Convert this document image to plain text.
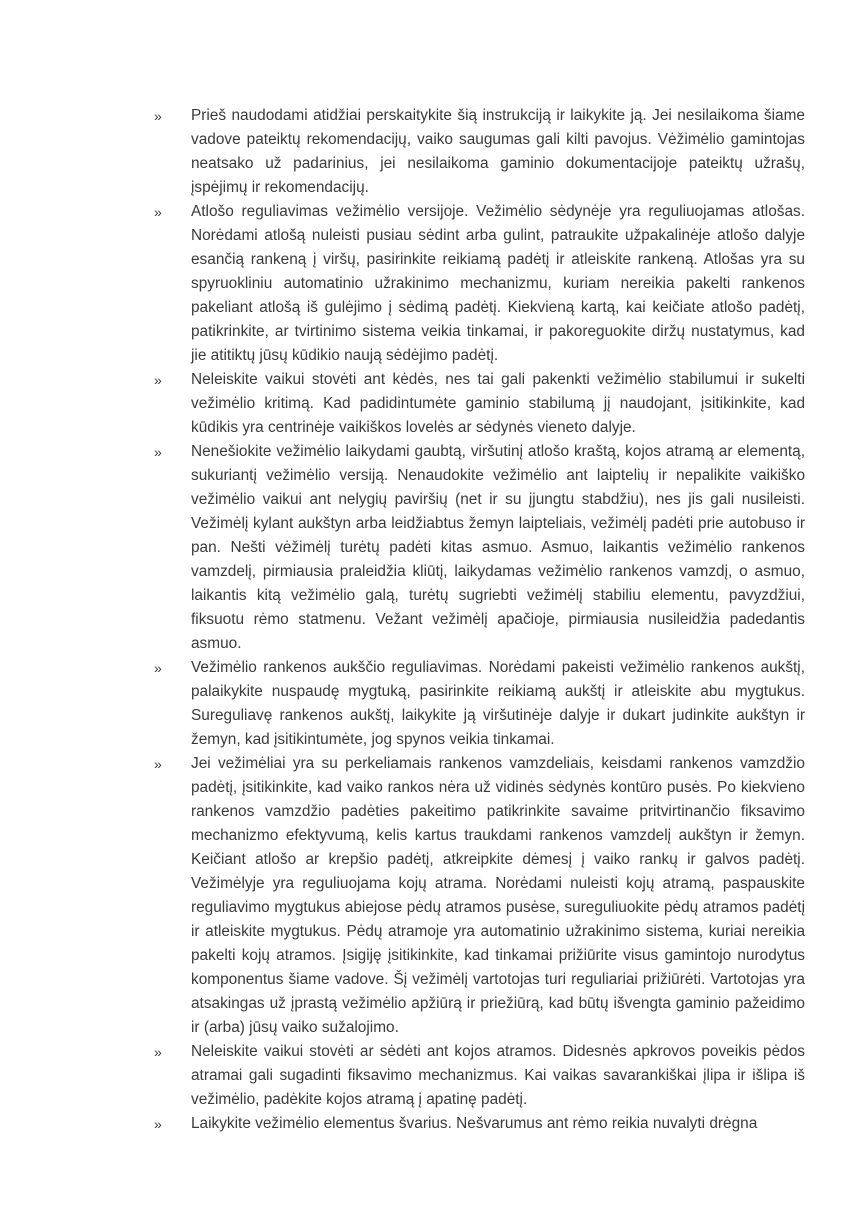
» Prieš naudodami atidžiai perskaitykite šią instrukciją ir laikykite ją. Jei nesilaikoma šiame vadove pateiktų rekomendacijų, vaiko saugumas gali kilti pavojus. Vėžimėlio gamintojas neatsako už padarinius, jei nesilaikoma gaminio dokumentacijoje pateiktų užrašų, įspėjimų ir rekomendacijų.
» Atlošo reguliavimas vežimėlio versijoje. Vežimėlio sėdynėje yra reguliuojamas atlošas. Norėdami atlošą nuleisti pusiau sėdint arba gulint, patraukite užpakalinėje atlošo dalyje esančią rankeną į viršų, pasirinkite reikiamą padėtį ir atleiskite rankeną. Atlošas yra su spyruokliniu automatinio užrakinimo mechanizmu, kuriam nereikia pakelti rankenos pakeliant atlošą iš gulėjimo į sėdimą padėtį. Kiekvieną kartą, kai keičiate atlošo padėtį, patikrinkite, ar tvirtinimo sistema veikia tinkamai, ir pakoreguokite diržų nustatymus, kad jie atitiktų jūsų kūdikio naują sėdėjimo padėtį.
» Neleiskite vaikui stovėti ant kėdės, nes tai gali pakenkti vežimėlio stabilumui ir sukelti vežimėlio kritimą. Kad padidintumėte gaminio stabilumą jį naudojant, įsitikinkite, kad kūdikis yra centrinėje vaikiškos lovelės ar sėdynės vieneto dalyje.
» Nenešiokite vežimėlio laikydami gaubtą, viršutinį atlošo kraštą, kojos atramą ar elementą, sukuriantį vežimėlio versiją. Nenaudokite vežimėlio ant laiptelių ir nepalikite vaikiško vežimėlio vaikui ant nelygių paviršių (net ir su įjungtu stabdžiu), nes jis gali nusileisti. Vežimėlį kylant aukštyn arba leidžiabtus žemyn laipteliais, vežimėlį padėti prie autobuso ir pan. Nešti vėžimėlį turėtų padėti kitas asmuo. Asmuo, laikantis vežimėlio rankenos vamzdelį, pirmiausia praleidžia kliūtį, laikydamas vežimėlio rankenos vamzdį, o asmuo, laikantis kitą vežimėlio galą, turėtų sugriebti vežimėlį stabiliu elementu, pavyzdžiui, fiksuotu rėmo statmenu. Vežant vežimėlį apačioje, pirmiausia nusileidžia padedantis asmuo.
» Vežimėlio rankenos aukščio reguliavimas. Norėdami pakeisti vežimėlio rankenos aukštį, palaikykite nuspaudę mygtuką, pasirinkite reikiamą aukštį ir atleiskite abu mygtukus. Sureguliavę rankenos aukštį, laikykite ją viršutinėje dalyje ir dukart judinkite aukštyn ir žemyn, kad įsitikintumėte, jog spynos veikia tinkamai.
» Jei vežimėliai yra su perkeliamais rankenos vamzdeliais, keisdami rankenos vamzdžio padėtį, įsitikinkite, kad vaiko rankos nėra už vidinės sėdynės kontūro pusės. Po kiekvieno rankenos vamzdžio padėties pakeitimo patikrinkite savaime pritvirtinančio fiksavimo mechanizmo efektyvumą, kelis kartus traukdami rankenos vamzdelį aukštyn ir žemyn. Keičiant atlošo ar krepšio padėtį, atkreipkite dėmesį į vaiko rankų ir galvos padėtį. Vežimėlyje yra reguliuojama kojų atrama. Norėdami nuleisti kojų atramą, paspauskite reguliavimo mygtukus abiejose pėdų atramos pusėse, sureguliuokite pėdų atramos padėtį ir atleiskite mygtukus. Pėdų atramoje yra automatinio užrakinimo sistema, kuriai nereikia pakelti kojų atramos. Įsigiję įsitikinkite, kad tinkamai prižiūrite visus gamintojo nurodytus komponentus šiame vadove. Šį vežimėlį vartotojas turi reguliariai prižiūrėti. Vartotojas yra atsakingas už įprastą vežimėlio apžiūrą ir priežiūrą, kad būtų išvengta gaminio pažeidimo ir (arba) jūsų vaiko sužalojimo.
» Neleiskite vaikui stovėti ar sėdėti ant kojos atramos. Didesnės apkrovos poveikis pėdos atramai gali sugadinti fiksavimo mechanizmus. Kai vaikas savarankiškai įlipa ir išlipa iš vežimėlio, padėkite kojos atramą į apatinę padėtį.
» Laikykite vežimėlio elementus švarius. Nešvarumus ant rėmo reikia nuvalyti drėgna
